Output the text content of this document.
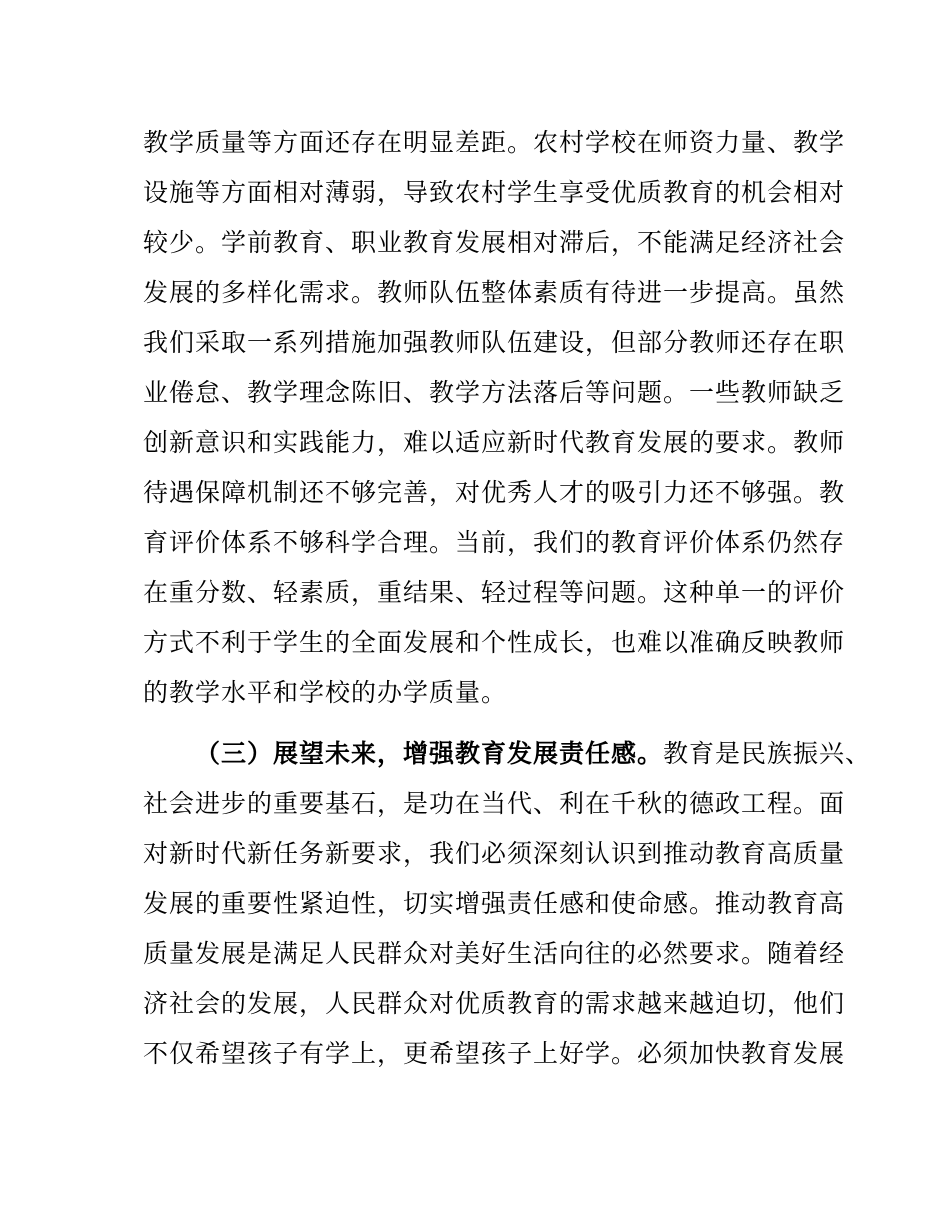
教学质量等方面还存在明显差距。农村学校在师资力量、教学
设施等方面相对薄弱，导致农村学生享受优质教育的机会相对
较少。学前教育、职业教育发展相对滞后，不能满足经济社会
发展的多样化需求。教师队伍整体素质有待进一步提高。虽然
我们采取一系列措施加强教师队伍建设，但部分教师还存在职
业倦怠、教学理念陈旧、教学方法落后等问题。一些教师缺乏
创新意识和实践能力，难以适应新时代教育发展的要求。教师
待遇保障机制还不够完善，对优秀人才的吸引力还不够强。教
育评价体系不够科学合理。当前，我们的教育评价体系仍然存
在重分数、轻素质，重结果、轻过程等问题。这种单一的评价
方式不利于学生的全面发展和个性成长，也难以准确反映教师
的教学水平和学校的办学质量。
（三）展望未来，增强教育发展责任感。教育是民族振兴、
社会进步的重要基石，是功在当代、利在千秋的德政工程。面
对新时代新任务新要求，我们必须深刻认识到推动教育高质量
发展的重要性紧迫性，切实增强责任感和使命感。推动教育高
质量发展是满足人民群众对美好生活向往的必然要求。随着经
济社会的发展，人民群众对优质教育的需求越来越迫切，他们
不仅希望孩子有学上，更希望孩子上好学。必须加快教育发展
